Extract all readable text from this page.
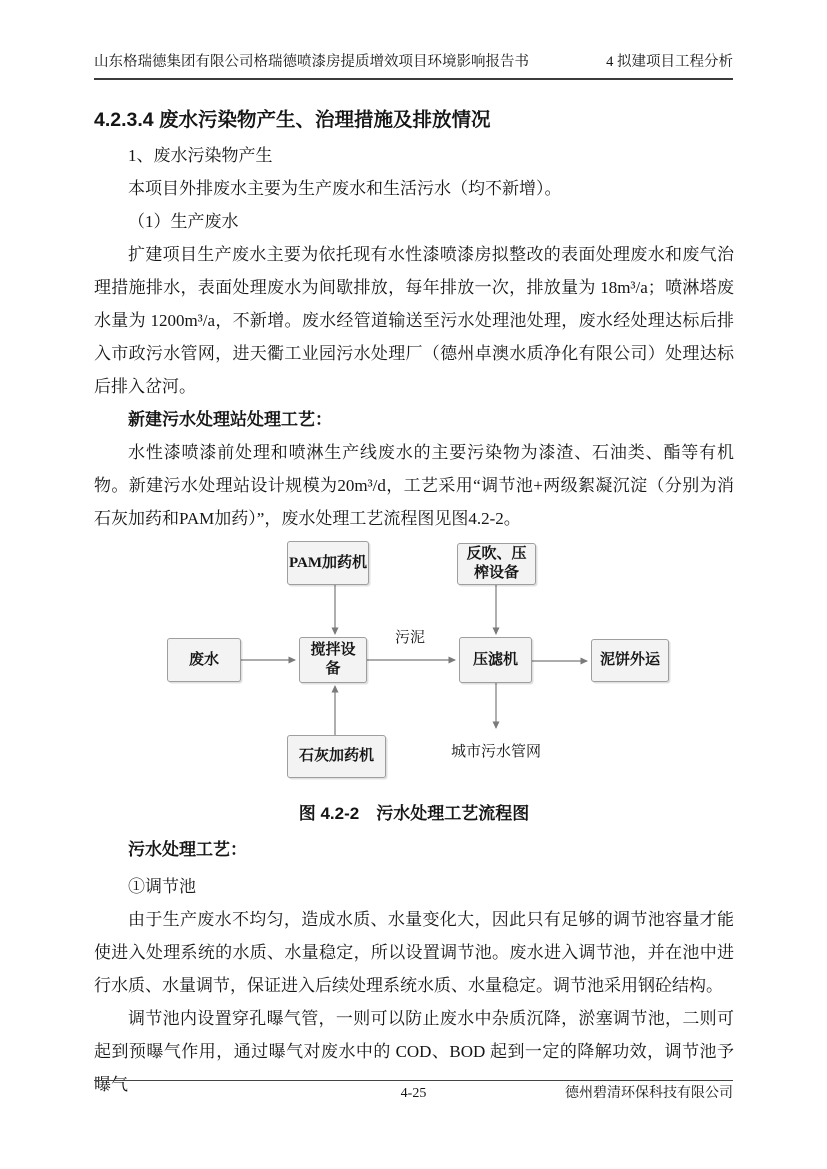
山东格瑞德集团有限公司格瑞德喷漆房提质增效项目环境影响报告书	4 拟建项目工程分析
4.2.3.4 废水污染物产生、治理措施及排放情况

1、废水污染物产生

本项目外排废水主要为生产废水和生活污水（均不新增）。

（1）生产废水

扩建项目生产废水主要为依托现有水性漆喷漆房拟整改的表面处理废水和废气治理措施排水，表面处理废水为间歇排放，每年排放一次，排放量为 18m³/a；喷淋塔废水量为 1200m³/a，不新增。废水经管道输送至污水处理池处理，废水经处理达标后排入市政污水管网，进天衢工业园污水处理厂（德州卓澳水质净化有限公司）处理达标后排入岔河。

新建污水处理站处理工艺：

水性漆喷漆前处理和喷淋生产线废水的主要污染物为漆渣、石油类、酯等有机物。新建污水处理站设计规模为20m³/d，工艺采用“调节池+两级絮凝沉淀（分别为消石灰加药和PAM加药）”，废水处理工艺流程图见图4.2-2。

PAM加药机
反吹、压榨设备
废水
搅拌设备
压滤机	泥饼外运
石灰加药机
污泥
城市污水管网

图 4.2-2　污水处理工艺流程图

污水处理工艺：

①调节池

由于生产废水不均匀，造成水质、水量变化大，因此只有足够的调节池容量才能使进入处理系统的水质、水量稳定，所以设置调节池。废水进入调节池，并在池中进行水质、水量调节，保证进入后续处理系统水质、水量稳定。调节池采用钢砼结构。

调节池内设置穿孔曝气管，一则可以防止废水中杂质沉降，淤塞调节池，二则可起到预曝气作用，通过曝气对废水中的 COD、BOD 起到一定的降解功效，调节池予曝气	4-25	德州碧清环保科技有限公司
